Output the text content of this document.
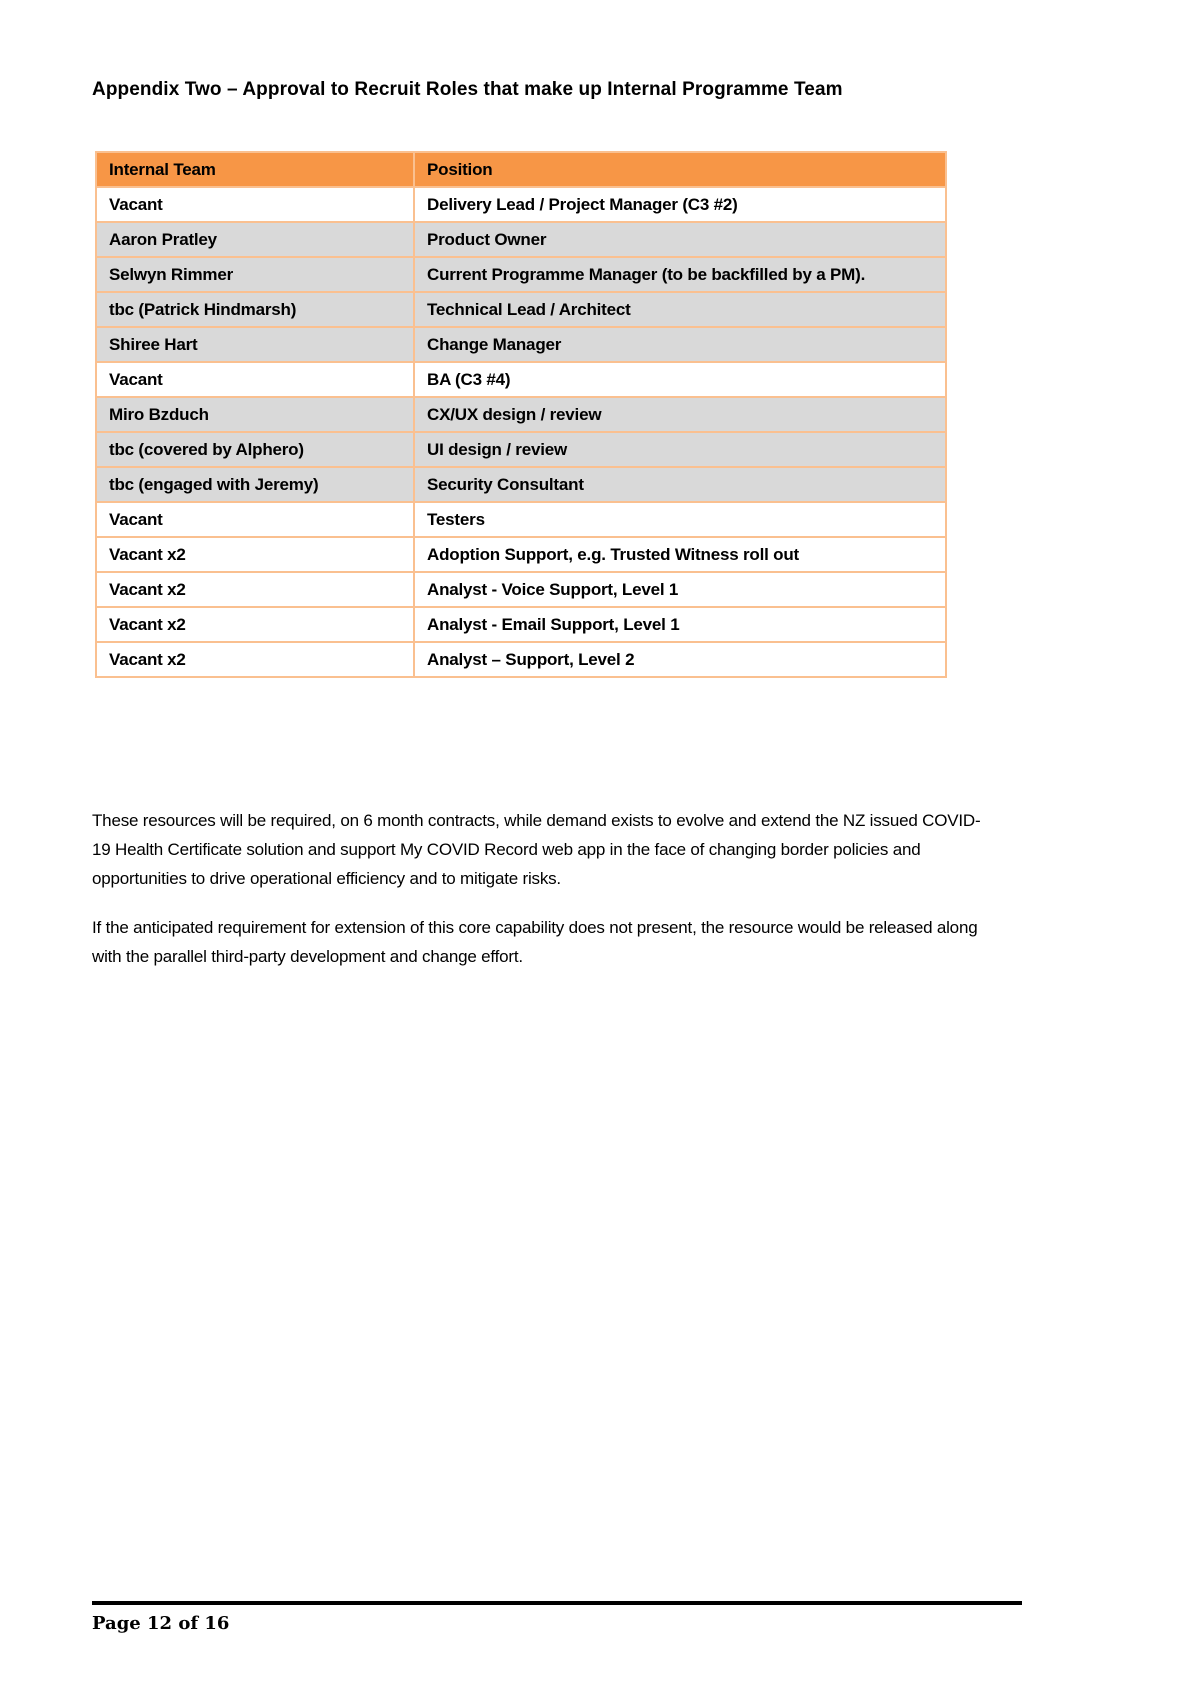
Appendix Two – Approval to Recruit Roles that make up Internal Programme Team
Internal Team	Position
Vacant	Delivery Lead / Project Manager (C3 #2)
Aaron Pratley	Product Owner
Selwyn Rimmer	Current Programme Manager (to be backfilled by a PM).
tbc (Patrick Hindmarsh)	Technical Lead / Architect
Shiree Hart	Change Manager
Vacant	BA (C3 #4)
Miro Bzduch	CX/UX design / review
tbc (covered by Alphero)	UI design / review
tbc (engaged with Jeremy)	Security Consultant
Vacant	Testers
Vacant x2	Adoption Support, e.g. Trusted Witness roll out
Vacant x2	Analyst - Voice Support, Level 1
Vacant x2	Analyst - Email Support, Level 1
Vacant x2	Analyst – Support, Level 2

These resources will be required, on 6 month contracts, while demand exists to evolve and extend the NZ issued COVID-19 Health Certificate solution and support My COVID Record web app in the face of changing border policies and opportunities to drive operational efficiency and to mitigate risks.

If the anticipated requirement for extension of this core capability does not present, the resource would be released along with the parallel third-party development and change effort.

Page 12 of 16
